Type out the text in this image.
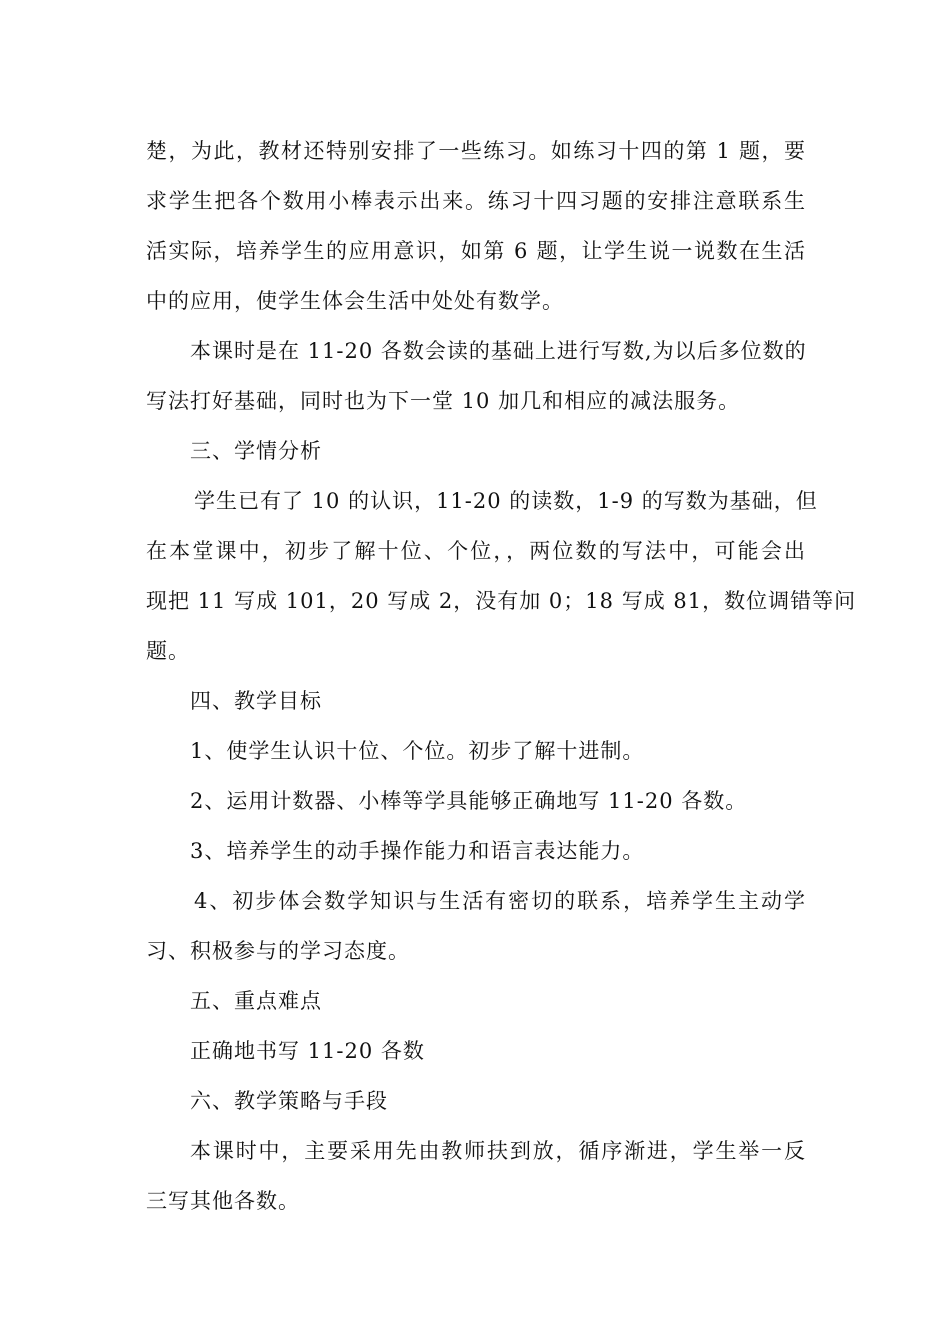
楚，为此，教材还特别安排了一些练习。如练习十四的第 1 题，要
求学生把各个数用小棒表示出来。练习十四习题的安排注意联系生
活实际，培养学生的应用意识，如第 6 题，让学生说一说数在生活
中的应用，使学生体会生活中处处有数学。
本课时是在 11-20 各数会读的基础上进行写数,为以后多位数的
写法打好基础，同时也为下一堂 10 加几和相应的减法服务。
三、学情分析
学生已有了 10 的认识，11-20 的读数，1-9 的写数为基础，但
在本堂课中，初步了解十位、个位，，两位数的写法中，可能会出
现把 11 写成 101，20 写成 2，没有加 0；18 写成 81，数位调错等问
题。
四、教学目标
1、使学生认识十位、个位。初步了解十进制。
2、运用计数器、小棒等学具能够正确地写 11-20 各数。
3、培养学生的动手操作能力和语言表达能力。
4、初步体会数学知识与生活有密切的联系，培养学生主动学
习、积极参与的学习态度。
五、重点难点
正确地书写 11-20 各数
六、教学策略与手段
本课时中，主要采用先由教师扶到放，循序渐进，学生举一反
三写其他各数。
